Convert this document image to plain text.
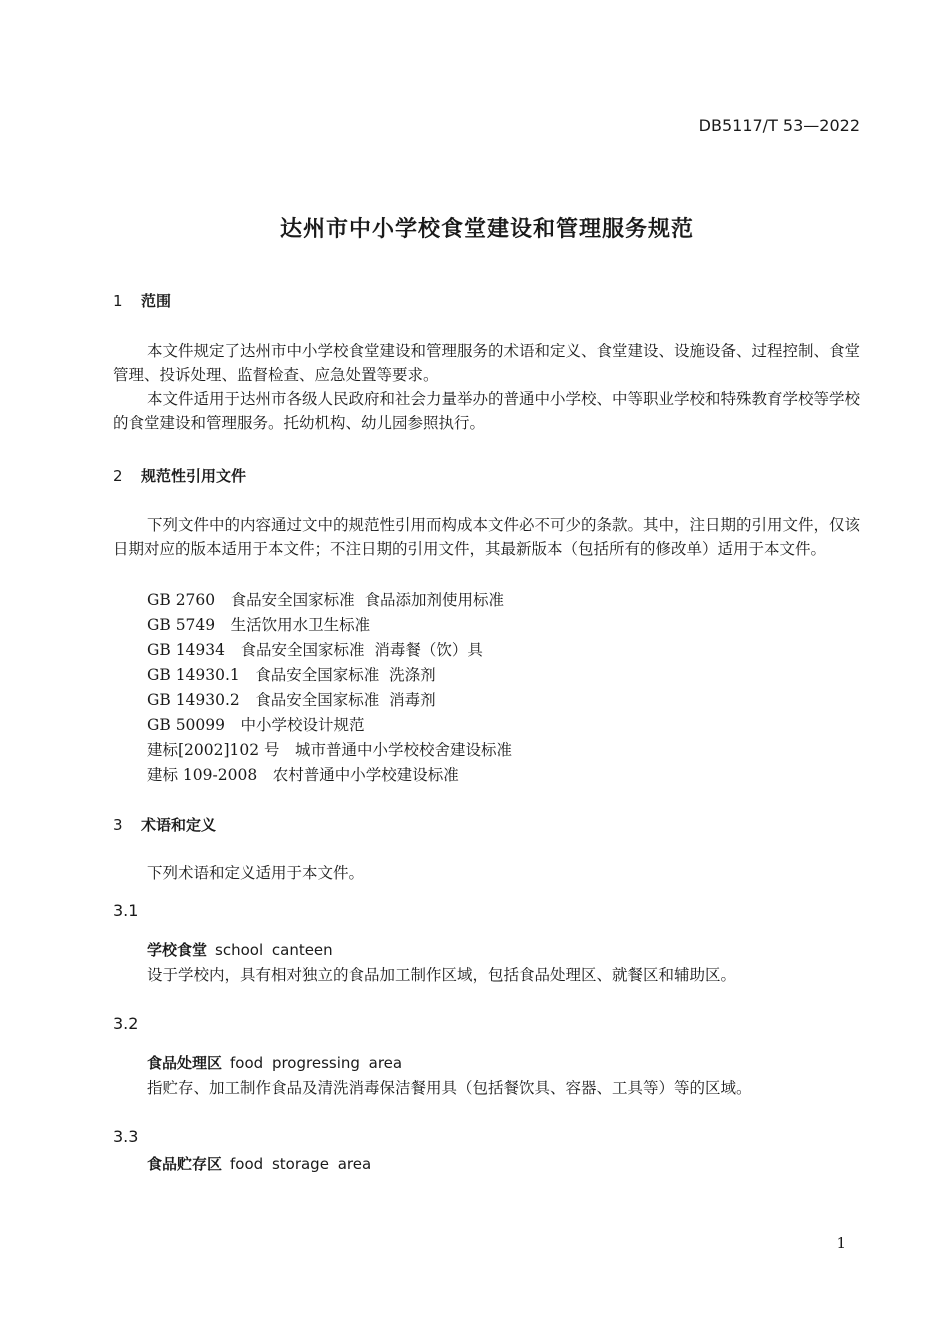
DB5117/T 53—2022
达州市中小学校食堂建设和管理服务规范
1 范围
本文件规定了达州市中小学校食堂建设和管理服务的术语和定义、食堂建设、设施设备、过程控制、食堂管理、投诉处理、监督检查、应急处置等要求。
本文件适用于达州市各级人民政府和社会力量举办的普通中小学校、中等职业学校和特殊教育学校等学校的食堂建设和管理服务。托幼机构、幼儿园参照执行。
2 规范性引用文件
下列文件中的内容通过文中的规范性引用而构成本文件必不可少的条款。其中，注日期的引用文件，仅该日期对应的版本适用于本文件；不注日期的引用文件，其最新版本（包括所有的修改单）适用于本文件。
GB 2760　食品安全国家标准  食品添加剂使用标准
GB 5749　生活饮用水卫生标准
GB 14934　食品安全国家标准  消毒餐（饮）具
GB 14930.1　食品安全国家标准  洗涤剂
GB 14930.2　食品安全国家标准  消毒剂
GB 50099　中小学校设计规范
建标[2002]102 号　城市普通中小学校校舍建设标准
建标 109-2008　农村普通中小学校建设标准
3 术语和定义
下列术语和定义适用于本文件。
3.1
学校食堂 school canteen
设于学校内，具有相对独立的食品加工制作区域，包括食品处理区、就餐区和辅助区。
3.2
食品处理区 food progressing area
指贮存、加工制作食品及清洗消毒保洁餐用具（包括餐饮具、容器、工具等）等的区域。
3.3
食品贮存区 food storage area
1
